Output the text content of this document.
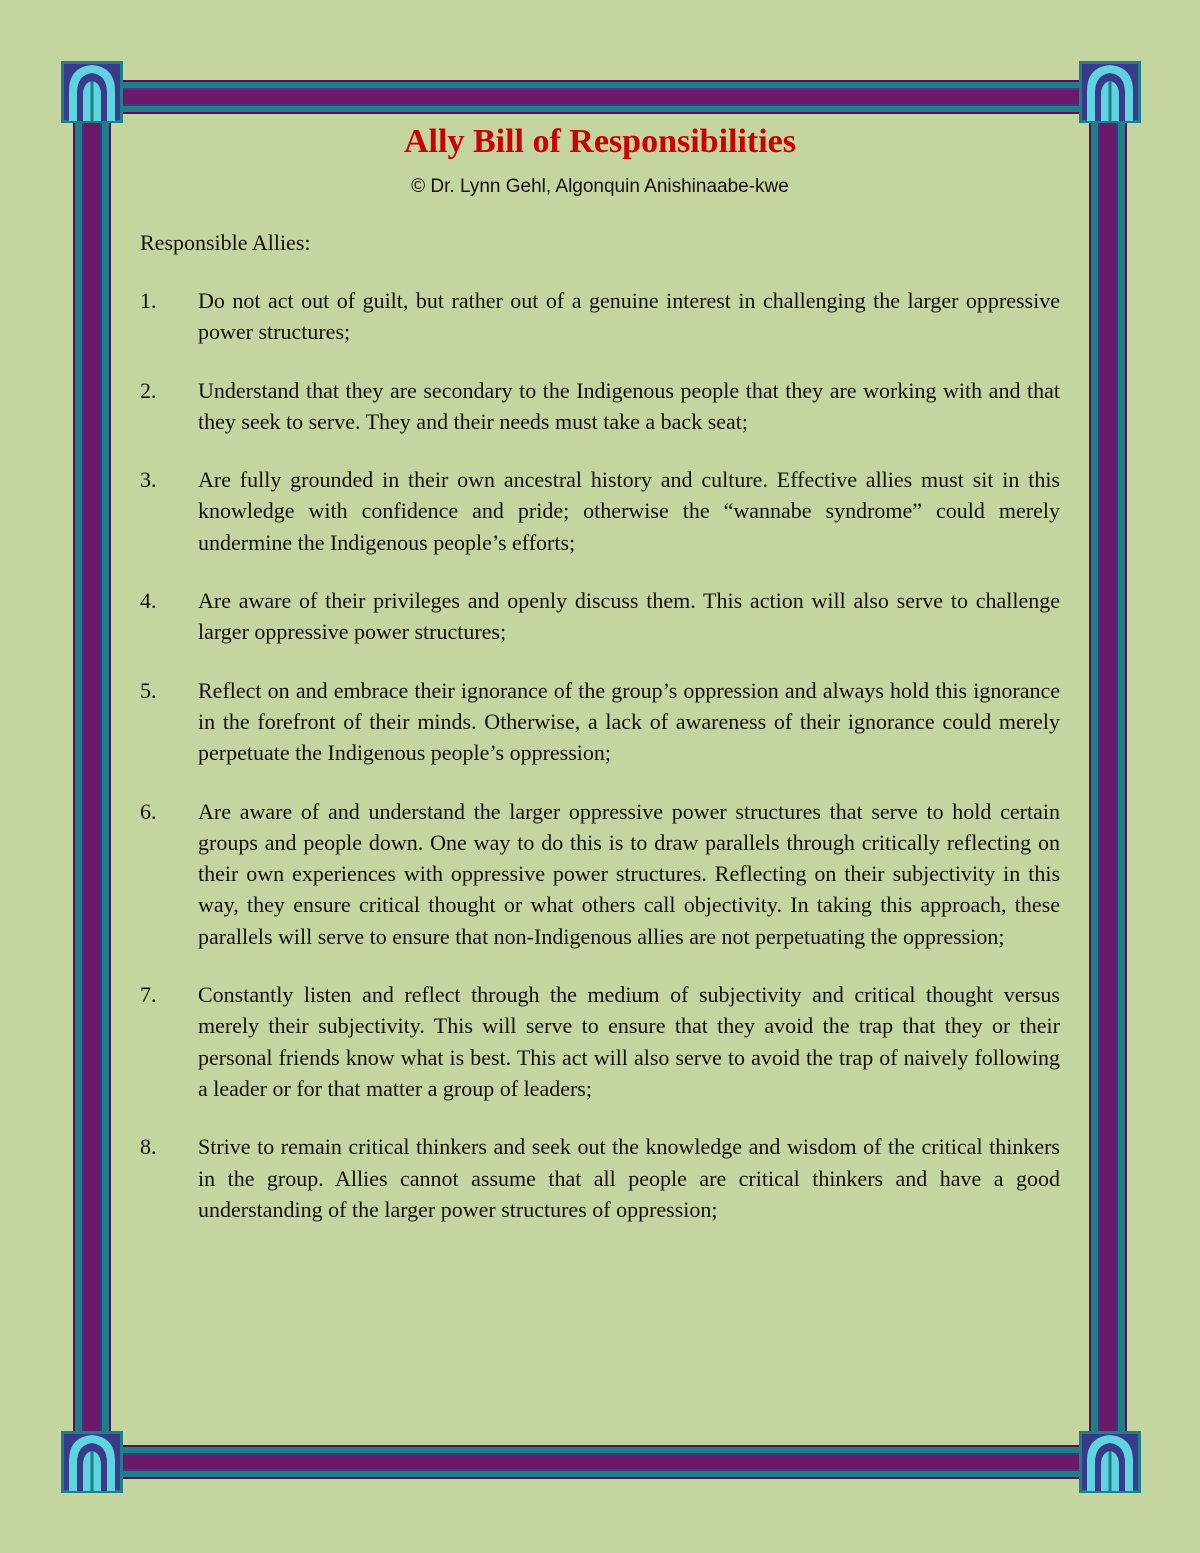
Ally Bill of Responsibilities
© Dr. Lynn Gehl, Algonquin Anishinaabe-kwe
Responsible Allies:
1.	Do not act out of guilt, but rather out of a genuine interest in challenging the larger oppressive power structures;
2.	Understand that they are secondary to the Indigenous people that they are working with and that they seek to serve. They and their needs must take a back seat;
3.	Are fully grounded in their own ancestral history and culture. Effective allies must sit in this knowledge with confidence and pride; otherwise the “wannabe syndrome” could merely undermine the Indigenous people’s efforts;
4.	Are aware of their privileges and openly discuss them. This action will also serve to challenge larger oppressive power structures;
5.	Reflect on and embrace their ignorance of the group’s oppression and always hold this ignorance in the forefront of their minds. Otherwise, a lack of awareness of their ignorance could merely perpetuate the Indigenous people’s oppression;
6.	Are aware of and understand the larger oppressive power structures that serve to hold certain groups and people down. One way to do this is to draw parallels through critically reflecting on their own experiences with oppressive power structures. Reflecting on their subjectivity in this way, they ensure critical thought or what others call objectivity. In taking this approach, these parallels will serve to ensure that non-Indigenous allies are not perpetuating the oppression;
7.	Constantly listen and reflect through the medium of subjectivity and critical thought versus merely their subjectivity. This will serve to ensure that they avoid the trap that they or their personal friends know what is best. This act will also serve to avoid the trap of naively following a leader or for that matter a group of leaders;
8.	Strive to remain critical thinkers and seek out the knowledge and wisdom of the critical thinkers in the group. Allies cannot assume that all people are critical thinkers and have a good understanding of the larger power structures of oppression;
